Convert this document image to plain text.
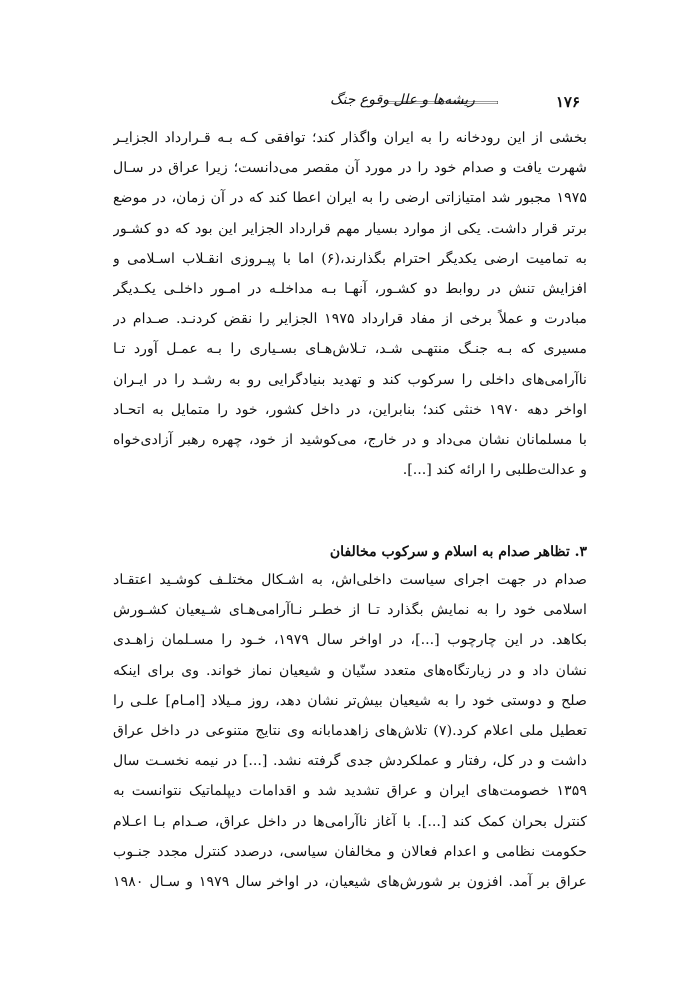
۱۷۶
ریشه‌ها و علل وقوع جنگ
بخشی از این رودخانه را به ایران واگذار کند؛ توافقی کـه بـه قـرارداد الجزایـر
شهرت یافت و صدام خود را در مورد آن مقصر می‌دانست؛ زیرا عراق در سـال
۱۹۷۵ مجبور شد امتیازاتی ارضی را به ایران اعطا کند که در آن زمان، در موضع
برتر قرار داشت. یکی از موارد بسیار مهم قرارداد الجزایر این بود که دو کشـور
به تمامیت ارضی یکدیگر احترام بگذارند،(۶) اما با پیـروزی انقـلاب اسـلامی و
افزایش تنش در روابط دو کشـور، آنهـا بـه مداخلـه در امـور داخلـی یکـدیگر
مبادرت و عملاً برخی از مفاد قرارداد ۱۹۷۵ الجزایر را نقض کردنـد. صـدام در
مسیری که بـه جنـگ منتهـی شـد، تـلاش‌هـای بسـیاری را بـه عمـل آورد تـا
ناآرامی‌های داخلی را سرکوب کند و تهدید بنیادگرایی رو به رشـد را در ایـران
اواخر دهه ۱۹۷۰ خنثی کند؛ بنابراین، در داخل کشور، خود را متمایل به اتحـاد
با مسلمانان نشان می‌داد و در خارج، می‌کوشید از خود، چهره رهبر آزادی‌خواه
و عدالت‌طلبی را ارائه کند [...].
۳. تظاهر صدام به اسلام و سرکوب مخالفان
صدام در جهت اجرای سیاست داخلی‌اش، به اشـکال مختلـف کوشـید اعتقـاد
اسلامی خود را به نمایش بگذارد تـا از خطـر نـاآرامی‌هـای شـیعیان کشـورش
بکاهد. در این چارچوب [...]، در اواخر سال ۱۹۷۹، خـود را مسـلمان زاهـدی
نشان داد و در زیارتگاه‌های متعدد سنّیان و شیعیان نماز خواند. وی برای اینکه
صلح و دوستی خود را به شیعیان بیش‌تر نشان دهد، روز مـیلاد [امـام] علـی را
تعطیل ملی اعلام کرد.(۷) تلاش‌های زاهدمابانه وی نتایج متنوعی در داخل عراق
داشت و در کل، رفتار و عملکردش جدی گرفته نشد. [...] در نیمه نخسـت سال
۱۳۵۹ خصومت‌های ایران و عراق تشدید شد و اقدامات دیپلماتیک نتوانست به
کنترل بحران کمک کند [...]. با آغاز ناآرامی‌ها در داخل عراق، صـدام بـا اعـلام
حکومت نظامی و اعدام فعالان و مخالفان سیاسی، درصدد کنترل مجدد جنـوب
عراق بر آمد. افزون بر شورش‌های شیعیان، در اواخر سال ۱۹۷۹ و سـال ۱۹۸۰
